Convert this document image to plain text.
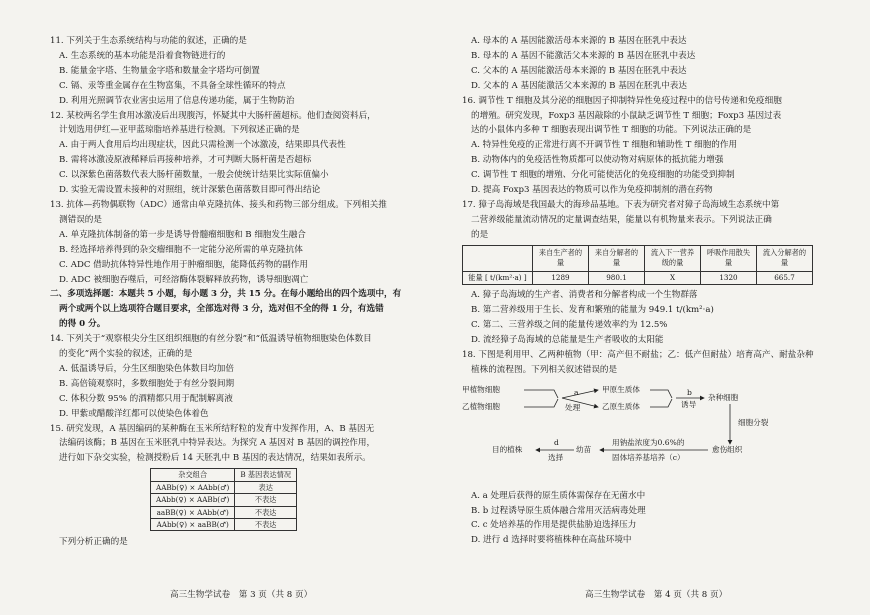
11. 下列关于生态系统结构与功能的叙述，正确的是
A. 生态系统的基本功能是沿着食物链进行的
B. 能量金字塔、生物量金字塔和数量金字塔均可倒置
C. 镉、汞等重金属存在生物富集，不具备全球性循环的特点
D. 利用光照调节农业害虫运用了信息传递功能，属于生物防治
12. 某校两名学生食用冰激凌后出现腹泻，怀疑其中大肠杆菌超标。他们查阅资料后，
计划选用伊红—亚甲蓝琼脂培养基进行检测。下列叙述正确的是
A. 由于两人食用后均出现症状，因此只需检测一个冰激凌，结果即具代表性
B. 需将冰激凌原液稀释后再接种培养，才可判断大肠杆菌是否超标
C. 以深紫色菌落数代表大肠杆菌数量，一般会使统计结果比实际值偏小
D. 实验无需设置未接种的对照组，统计深紫色菌落数目即可得出结论
13. 抗体—药物偶联物（ADC）通常由单克隆抗体、接头和药物三部分组成。下列相关推
测错误的是
A. 单克隆抗体制备的第一步是诱导骨髓瘤细胞和 B 细胞发生融合
B. 经选择培养得到的杂交瘤细胞不一定能分泌所需的单克隆抗体
C. ADC 借助抗体特异性地作用于肿瘤细胞，能降低药物的副作用
D. ADC 被细胞吞噬后，可经溶酶体裂解释放药物，诱导细胞凋亡
二、多项选择题：本题共 5 小题，每小题 3 分，共 15 分。在每小题给出的四个选项中，有
两个或两个以上选项符合题目要求，全部选对得 3 分，选对但不全的得 1 分，有选错
的得 0 分。
14. 下列关于“观察根尖分生区组织细胞的有丝分裂”和“低温诱导植物细胞染色体数目
的变化”两个实验的叙述，正确的是
A. 低温诱导后，分生区细胞染色体数目均加倍
B. 高倍镜观察时，多数细胞处于有丝分裂间期
C. 体积分数 95% 的酒精都只用于配制解离液
D. 甲紫或醋酸洋红都可以使染色体着色
15. 研究发现，A 基因编码的某种酶在玉米所结籽粒的发育中发挥作用，A、B 基因无
法编码该酶；B 基因在玉米胚乳中特异表达。为探究 A 基因对 B 基因的调控作用，
进行如下杂交实验，检测授粉后 14 天胚乳中 B 基因的表达情况，结果如表所示。
杂交组合	B 基因表达情况
AABb(♀) × AAbb(♂)	表达
AAbb(♀) × AABb(♂)	不表达
aaBB(♀) × AAbb(♂)	不表达
AAbb(♀) × aaBB(♂)	不表达
下列分析正确的是
高三生物学试卷　第 3 页（共 8 页）
A. 母本的 A 基因能激活母本来源的 B 基因在胚乳中表达
B. 母本的 A 基因不能激活父本来源的 B 基因在胚乳中表达
C. 父本的 A 基因能激活母本来源的 B 基因在胚乳中表达
D. 父本的 A 基因能激活父本来源的 B 基因在胚乳中表达
16. 调节性 T 细胞及其分泌的细胞因子抑制特异性免疫过程中的信号传递和免疫细胞
的增殖。研究发现，Foxp3 基因敲除的小鼠缺乏调节性 T 细胞；Foxp3 基因过表
达的小鼠体内多种 T 细胞表现出调节性 T 细胞的功能。下列说法正确的是
A. 特异性免疫的正常进行离不开调节性 T 细胞和辅助性 T 细胞的作用
B. 动物体内的免疫活性物质都可以使动物对病原体的抵抗能力增强
C. 调节性 T 细胞的增殖、分化可能使活化的免疫细胞的功能受到抑制
D. 提高 Foxp3 基因表达的物质可以作为免疫抑制剂的潜在药物
17. 獐子岛海域是我国最大的海珍品基地。下表为研究者对獐子岛海域生态系统中第
二营养级能量流动情况的定量调查结果，能量以有机物量来表示。下列说法正确
的是
	来自生产者的量	来自分解者的量	流入下一营养级的量	呼吸作用散失量	流入分解者的量
能量 [ t/(km²·a) ]	1289	980.1	X	1320	665.7
A. 獐子岛海域的生产者、消费者和分解者构成一个生物群落
B. 第二营养级用于生长、发育和繁殖的能量为 949.1 t/(km²·a)
C. 第二、三营养级之间的能量传递效率约为 12.5%
D. 流经獐子岛海域的总能量是生产者吸收的太阳能
18. 下图是利用甲、乙两种植物（甲：高产但不耐盐；乙：低产但耐盐）培育高产、耐盐杂种
植株的流程图。下列相关叙述错误的是
甲植物细胞
乙植物细胞
a
处理
甲原生质体
乙原生质体
b
诱导
杂种细胞
细胞分裂
愈伤组织
用钠盐浓度为0.6%的
固体培养基培养（c）
幼苗
d
选择
目的植株
A. a 处理后获得的原生质体需保存在无菌水中
B. b 过程诱导原生质体融合常用灭活病毒处理
C. c 处培养基的作用是提供盐胁迫选择压力
D. 进行 d 选择时要将植株种在高盐环境中
高三生物学试卷　第 4 页（共 8 页）
